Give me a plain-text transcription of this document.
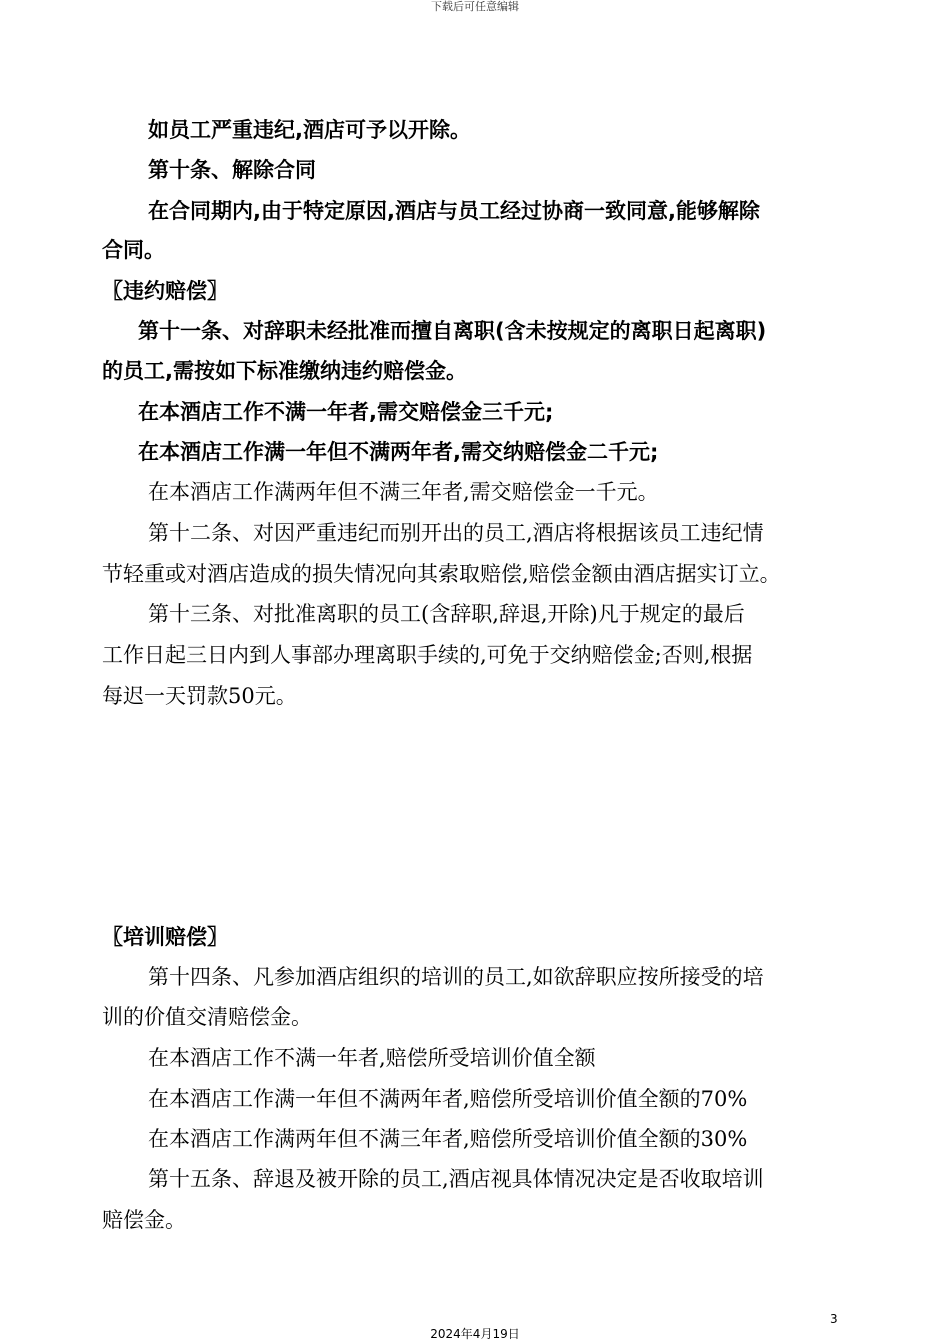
下载后可任意编辑
如员工严重违纪,酒店可予以开除。
第十条、解除合同
在合同期内,由于特定原因,酒店与员工经过协商一致同意,能够解除
合同。
〖违约赔偿〗
第十一条、对辞职未经批准而擅自离职(含未按规定的离职日起离职)
的员工,需按如下标准缴纳违约赔偿金。
在本酒店工作不满一年者,需交赔偿金三千元;
在本酒店工作满一年但不满两年者,需交纳赔偿金二千元;
在本酒店工作满两年但不满三年者,需交赔偿金一千元。
第十二条、对因严重违纪而别开出的员工,酒店将根据该员工违纪情
节轻重或对酒店造成的损失情况向其索取赔偿,赔偿金额由酒店据实订立。
第十三条、对批准离职的员工(含辞职,辞退,开除)凡于规定的最后
工作日起三日内到人事部办理离职手续的,可免于交纳赔偿金;否则,根据
每迟一天罚款50元。
〖培训赔偿〗
第十四条、凡参加酒店组织的培训的员工,如欲辞职应按所接受的培
训的价值交清赔偿金。
在本酒店工作不满一年者,赔偿所受培训价值全额
在本酒店工作满一年但不满两年者,赔偿所受培训价值全额的70%
在本酒店工作满两年但不满三年者,赔偿所受培训价值全额的30%
第十五条、辞退及被开除的员工,酒店视具体情况决定是否收取培训
赔偿金。
3
2024年4月19日
